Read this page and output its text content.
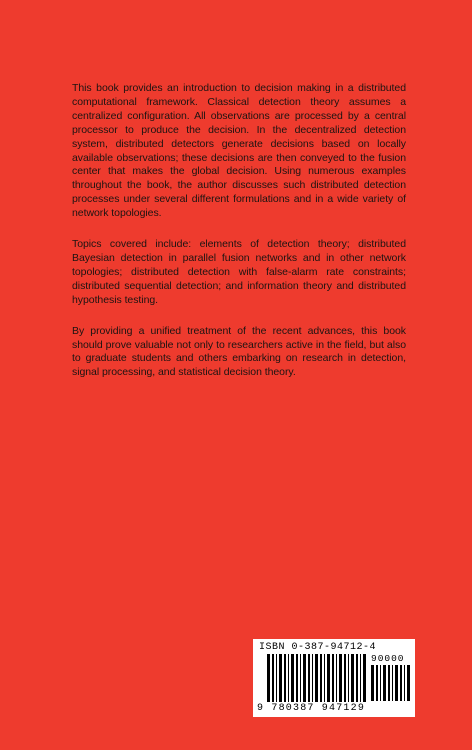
This book provides an introduction to decision making in a distributed computational framework. Classical detection theory assumes a centralized configuration. All observations are processed by a central processor to produce the decision. In the decentralized detection system, distributed detectors generate decisions based on locally available observations; these decisions are then conveyed to the fusion center that makes the global decision. Using numerous examples throughout the book, the author discusses such distributed detection processes under several different formulations and in a wide variety of network topologies.

Topics covered include: elements of detection theory; distributed Bayesian detection in parallel fusion networks and in other network topologies; distributed detection with false-alarm rate constraints; distributed sequential detection; and information theory and distributed hypothesis testing.

By providing a unified treatment of the recent advances, this book should prove valuable not only to researchers active in the field, but also to graduate students and others embarking on research in detection, signal processing, and statistical decision theory.

ISBN 0-387-94712-4
90000
9 780387 947129
